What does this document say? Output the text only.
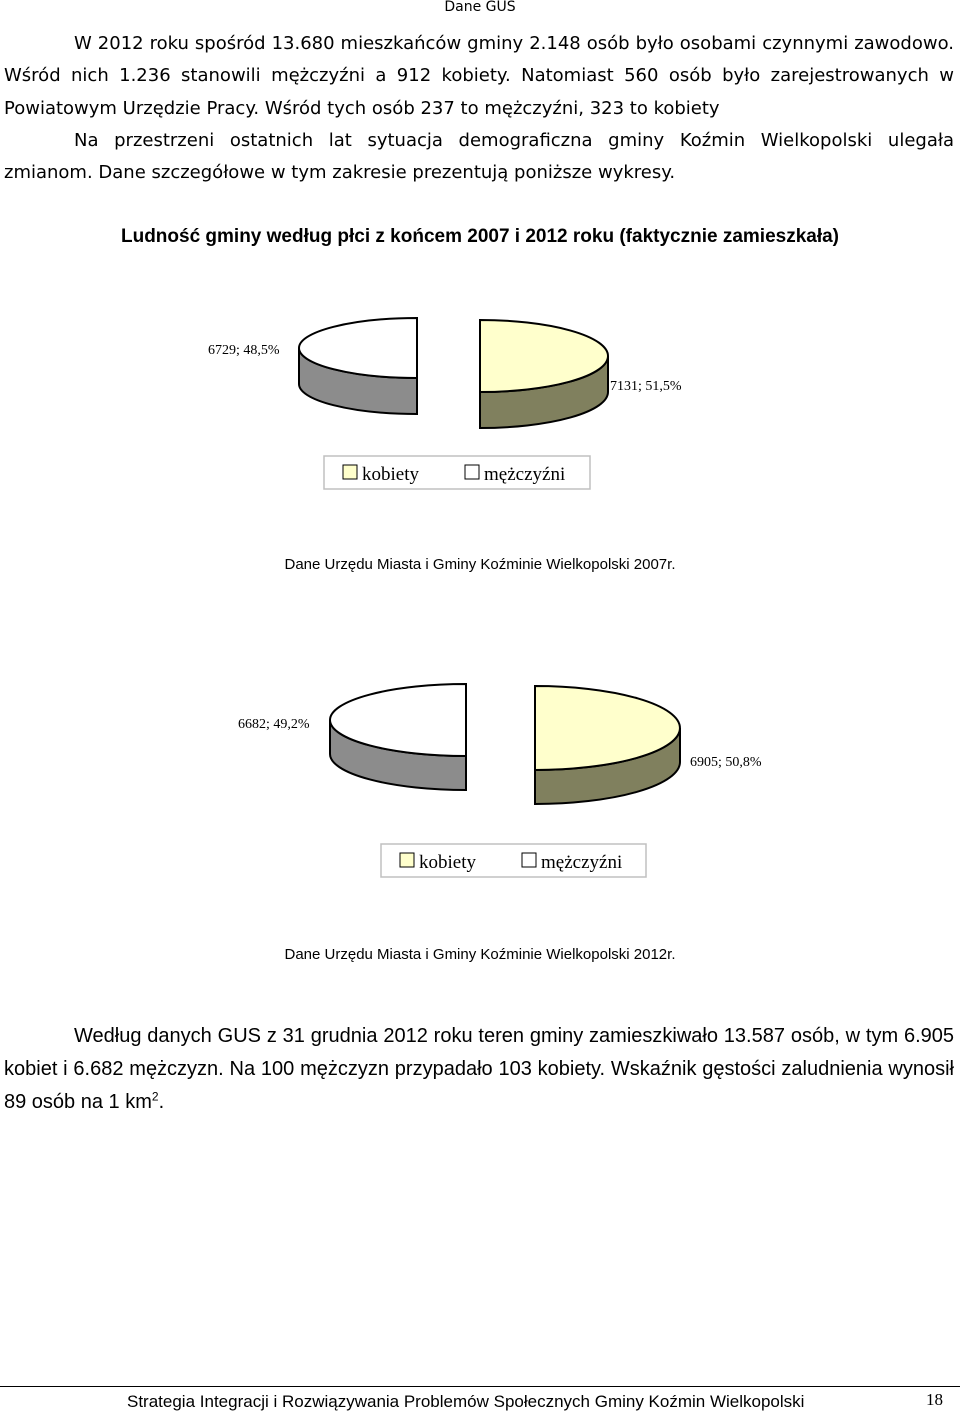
Dane GUS

W 2012 roku spośród 13.680 mieszkańców gminy 2.148 osób było osobami czynnymi zawodowo. Wśród nich 1.236 stanowili mężczyźni a 912 kobiety. Natomiast 560 osób było zarejestrowanych w Powiatowym Urzędzie Pracy. Wśród tych osób 237 to mężczyźni, 323 to kobiety

Na przestrzeni ostatnich lat sytuacja demograficzna gminy Koźmin Wielkopolski ulegała zmianom. Dane szczegółowe w tym zakresie prezentują poniższe wykresy.

Ludność gminy według płci z końcem 2007 i 2012 roku (faktycznie zamieszkała)
6729; 48,5%
7131; 51,5%
kobiety	mężczyźni
Dane Urzędu Miasta i Gminy Koźminie Wielkopolski 2007r.
6682; 49,2%
6905; 50,8%
kobiety	mężczyźni
Dane Urzędu Miasta i Gminy Koźminie Wielkopolski 2012r.

Według danych GUS z 31 grudnia 2012 roku teren gminy zamieszkiwało 13.587 osób, w tym 6.905 kobiet i 6.682 mężczyzn. Na 100 mężczyzn przypadało 103 kobiety. Wskaźnik gęstości zaludnienia wynosił 89 osób na 1 $km^2$.

Strategia Integracji i Rozwiązywania Problemów Społecznych Gminy Koźmin Wielkopolski	18
